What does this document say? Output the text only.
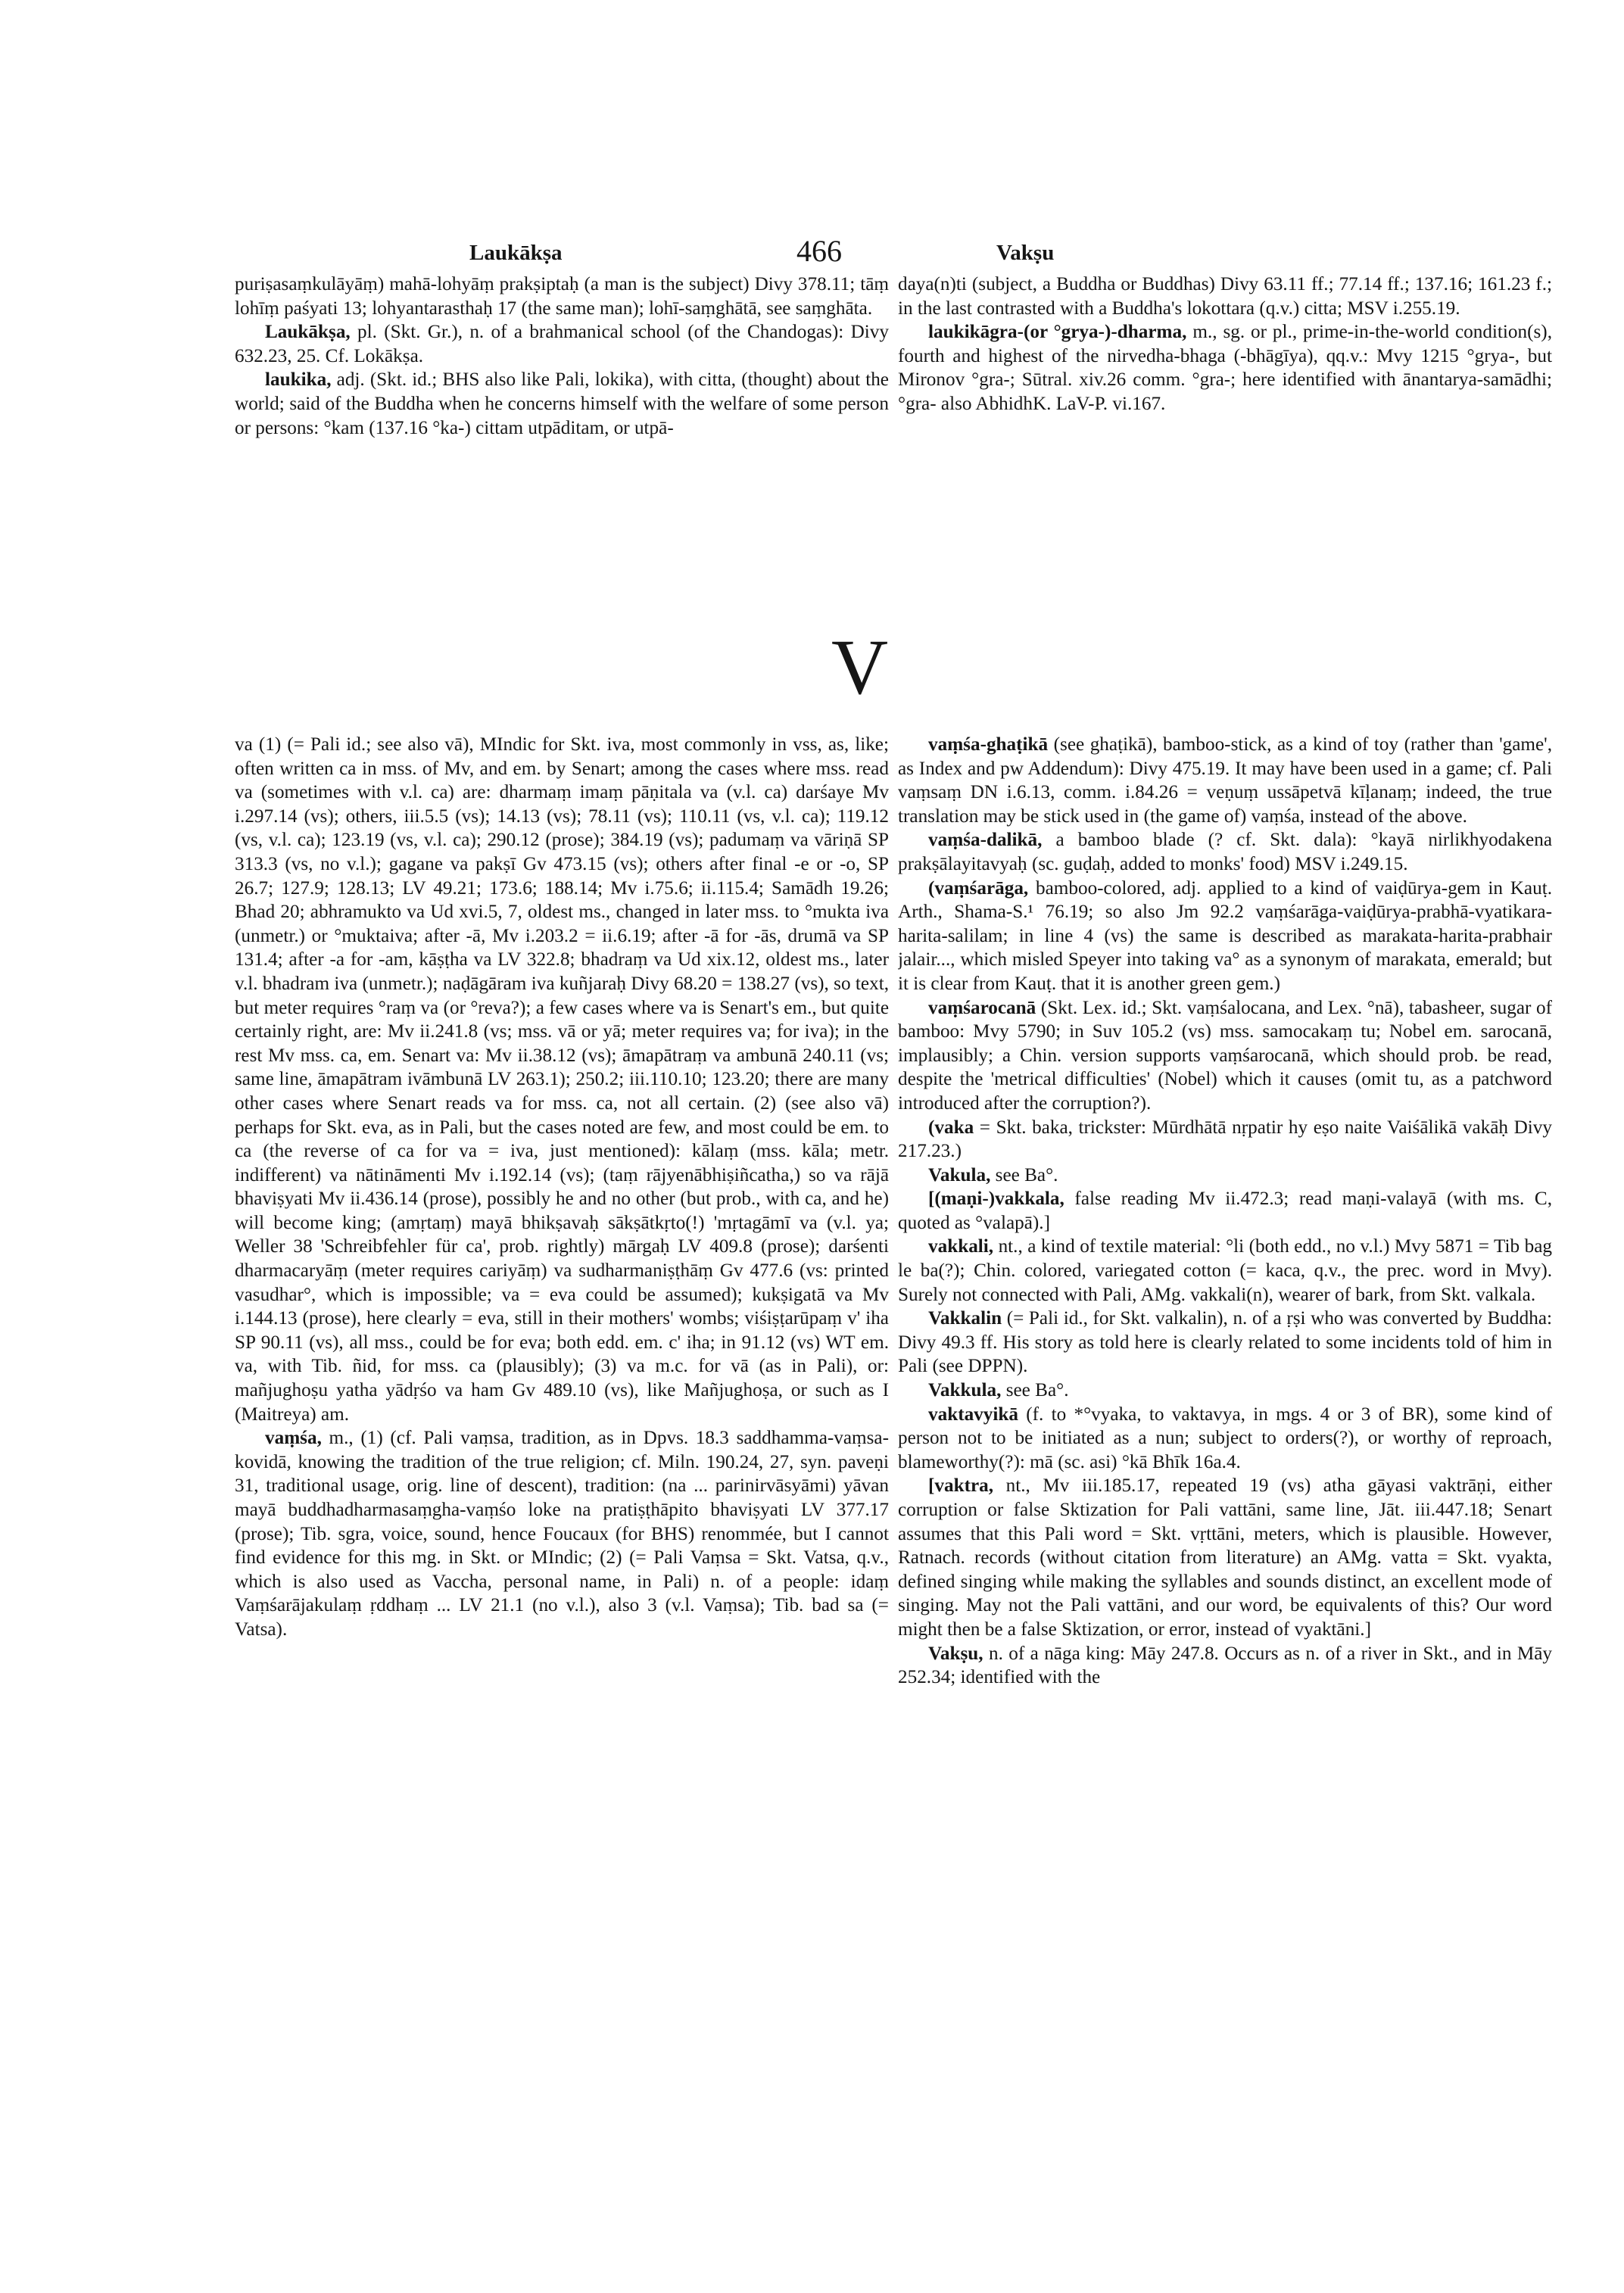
Laukākṣa	466	Vakṣu

puriṣasaṃkulāyāṃ) mahā-lohyāṃ prakṣiptaḥ (a man is the subject) Divy 378.11; tāṃ lohīṃ paśyati 13; lohyantarasthaḥ 17 (the same man); lohī-saṃghātā, see saṃghāta.

Laukākṣa, pl. (Skt. Gr.), n. of a brahmanical school (of the Chandogas): Divy 632.23, 25. Cf. Lokākṣa.

laukika, adj. (Skt. id.; BHS also like Pali, lokika), with citta, (thought) about the world; said of the Buddha when he concerns himself with the welfare of some person or persons: °kam (137.16 °ka-) cittam utpāditam, or utpā-

daya(n)ti (subject, a Buddha or Buddhas) Divy 63.11 ff.; 77.14 ff.; 137.16; 161.23 f.; in the last contrasted with a Buddha's lokottara (q.v.) citta; MSV i.255.19.

laukikāgra-(or °grya-)-dharma, m., sg. or pl., prime-in-the-world condition(s), fourth and highest of the nirvedha-bhaga (-bhāgīya), qq.v.: Mvy 1215 °grya-, but Mironov °gra-; Sūtral. xiv.26 comm. °gra-; here identified with ānantarya-samādhi; °gra- also AbhidhK. LaV-P. vi.167.

V

va (1) (= Pali id.; see also vā), MIndic for Skt. iva, most commonly in vss, as, like; often written ca in mss. of Mv, and em. by Senart; among the cases where mss. read va (sometimes with v.l. ca) are: dharmaṃ imaṃ pāṇitala va (v.l. ca) darśaye Mv i.297.14 (vs); others, iii.5.5 (vs); 14.13 (vs); 78.11 (vs); 110.11 (vs, v.l. ca); 119.12 (vs, v.l. ca); 123.19 (vs, v.l. ca); 290.12 (prose); 384.19 (vs); padumaṃ va vāriṇā SP 313.3 (vs, no v.l.); gagane va pakṣī Gv 473.15 (vs); others after final -e or -o, SP 26.7; 127.9; 128.13; LV 49.21; 173.6; 188.14; Mv i.75.6; ii.115.4; Samādh 19.26; Bhad 20; abhramukto va Ud xvi.5, 7, oldest ms., changed in later mss. to °mukta iva (unmetr.) or °muktaiva; after -ā, Mv i.203.2 = ii.6.19; after -ā for -ās, drumā va SP 131.4; after -a for -am, kāṣṭha va LV 322.8; bhadraṃ va Ud xix.12, oldest ms., later v.l. bhadram iva (unmetr.); naḍāgāram iva kuñjaraḥ Divy 68.20 = 138.27 (vs), so text, but meter requires °raṃ va (or °reva?); a few cases where va is Senart's em., but quite certainly right, are: Mv ii.241.8 (vs; mss. vā or yā; meter requires va; for iva); in the rest Mv mss. ca, em. Senart va: Mv ii.38.12 (vs); āmapātraṃ va ambunā 240.11 (vs; same line, āmapātram ivāmbunā LV 263.1); 250.2; iii.110.10; 123.20; there are many other cases where Senart reads va for mss. ca, not all certain. (2) (see also vā) perhaps for Skt. eva, as in Pali, but the cases noted are few, and most could be em. to ca (the reverse of ca for va = iva, just mentioned): kālaṃ (mss. kāla; metr. indifferent) va nātināmenti Mv i.192.14 (vs); (taṃ rājyenābhiṣiñcatha,) so va rājā bhaviṣyati Mv ii.436.14 (prose), possibly he and no other (but prob., with ca, and he) will become king; (amṛtaṃ) mayā bhikṣavaḥ sākṣātkṛto(!) 'mṛtagāmī va (v.l. ya; Weller 38 'Schreibfehler für ca', prob. rightly) mārgaḥ LV 409.8 (prose); darśenti dharmacaryāṃ (meter requires cariyāṃ) va sudharmaniṣṭhāṃ Gv 477.6 (vs: printed vasudhar°, which is impossible; va = eva could be assumed); kukṣigatā va Mv i.144.13 (prose), here clearly = eva, still in their mothers' wombs; viśiṣṭarūpaṃ v' iha SP 90.11 (vs), all mss., could be for eva; both edd. em. c' iha; in 91.12 (vs) WT em. va, with Tib. ñid, for mss. ca (plausibly); (3) va m.c. for vā (as in Pali), or: mañjughoṣu yatha yādṛśo va ham Gv 489.10 (vs), like Mañjughoṣa, or such as I (Maitreya) am.

vaṃśa, m., (1) (cf. Pali vaṃsa, tradition, as in Dpvs. 18.3 saddhamma-vaṃsa-kovidā, knowing the tradition of the true religion; cf. Miln. 190.24, 27, syn. paveṇi 31, traditional usage, orig. line of descent), tradition: (na ... parinirvāsyāmi) yāvan mayā buddhadharmasaṃgha-vaṃśo loke na pratiṣṭhāpito bhaviṣyati LV 377.17 (prose); Tib. sgra, voice, sound, hence Foucaux (for BHS) renommée, but I cannot find evidence for this mg. in Skt. or MIndic; (2) (= Pali Vaṃsa = Skt. Vatsa, q.v., which is also used as Vaccha, personal name, in Pali) n. of a people: idaṃ Vaṃśarājakulaṃ ṛddhaṃ ... LV 21.1 (no v.l.), also 3 (v.l. Vaṃsa); Tib. bad sa (= Vatsa).

vaṃśa-ghaṭikā (see ghaṭikā), bamboo-stick, as a kind of toy (rather than 'game', as Index and pw Addendum): Divy 475.19. It may have been used in a game; cf. Pali vaṃsaṃ DN i.6.13, comm. i.84.26 = veṇuṃ ussāpetvā kīḷanaṃ; indeed, the true translation may be stick used in (the game of) vaṃśa, instead of the above.

vaṃśa-dalikā, a bamboo blade (? cf. Skt. dala): °kayā nirlikhyodakena prakṣālayitavyaḥ (sc. guḍaḥ, added to monks' food) MSV i.249.15.

(vaṃśarāga, bamboo-colored, adj. applied to a kind of vaiḍūrya-gem in Kauṭ. Arth., Shama-S.¹ 76.19; so also Jm 92.2 vaṃśarāga-vaiḍūrya-prabhā-vyatikara-harita-salilam; in line 4 (vs) the same is described as marakata-harita-prabhair jalair..., which misled Speyer into taking va° as a synonym of marakata, emerald; but it is clear from Kauṭ. that it is another green gem.)

vaṃśarocanā (Skt. Lex. id.; Skt. vaṃśalocana, and Lex. °nā), tabasheer, sugar of bamboo: Mvy 5790; in Suv 105.2 (vs) mss. samocakaṃ tu; Nobel em. sarocanā, implausibly; a Chin. version supports vaṃśarocanā, which should prob. be read, despite the 'metrical difficulties' (Nobel) which it causes (omit tu, as a patchword introduced after the corruption?).

(vaka = Skt. baka, trickster: Mūrdhātā nṛpatir hy eṣo naite Vaiśālikā vakāḥ Divy 217.23.)

Vakula, see Ba°.

[(maṇi-)vakkala, false reading Mv ii.472.3; read maṇi-valayā (with ms. C, quoted as °valapā).]

vakkali, nt., a kind of textile material: °li (both edd., no v.l.) Mvy 5871 = Tib bag le ba(?); Chin. colored, variegated cotton (= kaca, q.v., the prec. word in Mvy). Surely not connected with Pali, AMg. vakkali(n), wearer of bark, from Skt. valkala.

Vakkalin (= Pali id., for Skt. valkalin), n. of a ṛṣi who was converted by Buddha: Divy 49.3 ff. His story as told here is clearly related to some incidents told of him in Pali (see DPPN).

Vakkula, see Ba°.

vaktavyikā (f. to *°vyaka, to vaktavya, in mgs. 4 or 3 of BR), some kind of person not to be initiated as a nun; subject to orders(?), or worthy of reproach, blameworthy(?): mā (sc. asi) °kā Bhīk 16a.4.

[vaktra, nt., Mv iii.185.17, repeated 19 (vs) atha gāyasi vaktrāṇi, either corruption or false Sktization for Pali vattāni, same line, Jāt. iii.447.18; Senart assumes that this Pali word = Skt. vṛttāni, meters, which is plausible. However, Ratnach. records (without citation from literature) an AMg. vatta = Skt. vyakta, defined singing while making the syllables and sounds distinct, an excellent mode of singing. May not the Pali vattāni, and our word, be equivalents of this? Our word might then be a false Sktization, or error, instead of vyaktāni.]

Vakṣu, n. of a nāga king: Māy 247.8. Occurs as n. of a river in Skt., and in Māy 252.34; identified with the
